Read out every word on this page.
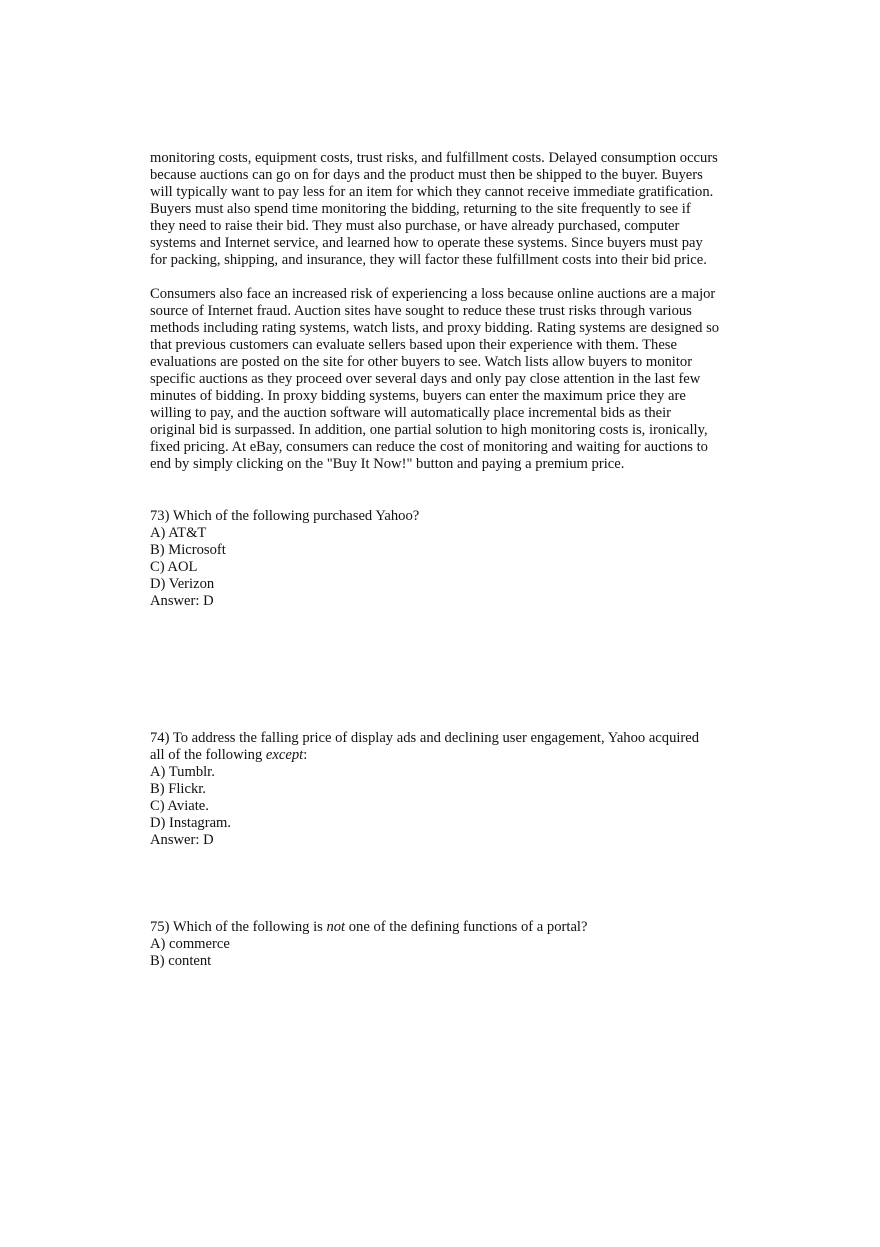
monitoring costs, equipment costs, trust risks, and fulfillment costs. Delayed consumption occurs
because auctions can go on for days and the product must then be shipped to the buyer. Buyers
will typically want to pay less for an item for which they cannot receive immediate gratification.
Buyers must also spend time monitoring the bidding, returning to the site frequently to see if
they need to raise their bid. They must also purchase, or have already purchased, computer
systems and Internet service, and learned how to operate these systems. Since buyers must pay
for packing, shipping, and insurance, they will factor these fulfillment costs into their bid price.
Consumers also face an increased risk of experiencing a loss because online auctions are a major
source of Internet fraud. Auction sites have sought to reduce these trust risks through various
methods including rating systems, watch lists, and proxy bidding. Rating systems are designed so
that previous customers can evaluate sellers based upon their experience with them. These
evaluations are posted on the site for other buyers to see. Watch lists allow buyers to monitor
specific auctions as they proceed over several days and only pay close attention in the last few
minutes of bidding. In proxy bidding systems, buyers can enter the maximum price they are
willing to pay, and the auction software will automatically place incremental bids as their
original bid is surpassed. In addition, one partial solution to high monitoring costs is, ironically,
fixed pricing. At eBay, consumers can reduce the cost of monitoring and waiting for auctions to
end by simply clicking on the "Buy It Now!" button and paying a premium price.
73) Which of the following purchased Yahoo?
A) AT&T
B) Microsoft
C) AOL
D) Verizon
Answer: D
74) To address the falling price of display ads and declining user engagement, Yahoo acquired
all of the following except:
A) Tumblr.
B) Flickr.
C) Aviate.
D) Instagram.
Answer: D
75) Which of the following is not one of the defining functions of a portal?
A) commerce
B) content
